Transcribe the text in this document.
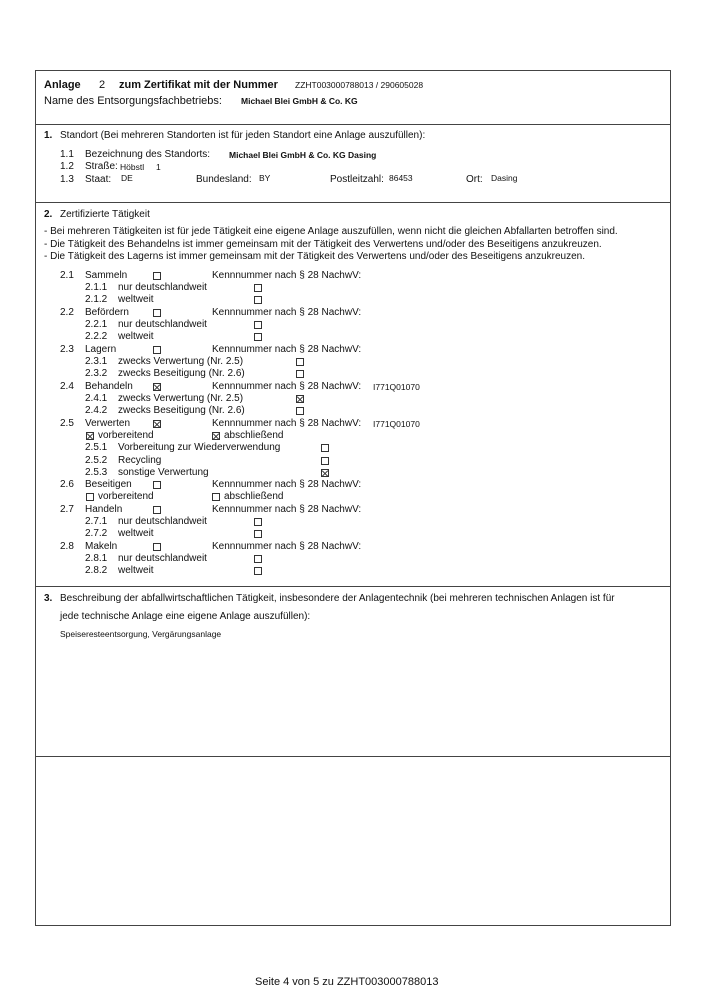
Anlage 2 zum Zertifikat mit der Nummer ZZHT003000788013 / 290605028
Name des Entsorgungsfachbetriebs: Michael Blei GmbH & Co. KG
1. Standort (Bei mehreren Standorten ist für jeden Standort eine Anlage auszufüllen):
1.1 Bezeichnung des Standorts: Michael Blei GmbH & Co. KG Dasing
1.2 Straße: Höbstl 1
1.3 Staat: DE	Bundesland: BY	Postleitzahl: 86453	Ort: Dasing
2. Zertifizierte Tätigkeit
- Bei mehreren Tätigkeiten ist für jede Tätigkeit eine eigene Anlage auszufüllen, wenn nicht die gleichen Abfallarten betroffen sind.
- Die Tätigkeit des Behandelns ist immer gemeinsam mit der Tätigkeit des Verwertens und/oder des Beseitigens anzukreuzen.
- Die Tätigkeit des Lagerns ist immer gemeinsam mit der Tätigkeit des Verwertens und/oder des Beseitigens anzukreuzen.
2.1 Sammeln	Kennnummer nach § 28 NachwV:
2.1.1 nur deutschlandweit
2.1.2 weltweit
2.2 Befördern	Kennnummer nach § 28 NachwV:
2.2.1 nur deutschlandweit
2.2.2 weltweit
2.3 Lagern	Kennnummer nach § 28 NachwV:
2.3.1 zwecks Verwertung (Nr. 2.5)
2.3.2 zwecks Beseitigung (Nr. 2.6)
2.4 Behandeln	Kennnummer nach § 28 NachwV: I771Q01070
2.4.1 zwecks Verwertung (Nr. 2.5)
2.4.2 zwecks Beseitigung (Nr. 2.6)
2.5 Verwerten	Kennnummer nach § 28 NachwV: I771Q01070
vorbereitend	abschließend
2.5.1 Vorbereitung zur Wiederverwendung
2.5.2 Recycling
2.5.3 sonstige Verwertung
2.6 Beseitigen	Kennnummer nach § 28 NachwV:
vorbereitend	abschließend
2.7 Handeln	Kennnummer nach § 28 NachwV:
2.7.1 nur deutschlandweit
2.7.2 weltweit
2.8 Makeln	Kennnummer nach § 28 NachwV:
2.8.1 nur deutschlandweit
2.8.2 weltweit
3. Beschreibung der abfallwirtschaftlichen Tätigkeit, insbesondere der Anlagentechnik (bei mehreren technischen Anlagen ist für
jede technische Anlage eine eigene Anlage auszufüllen):
Speiseresteentsorgung, Vergärungsanlage
Seite 4 von 5 zu ZZHT003000788013
